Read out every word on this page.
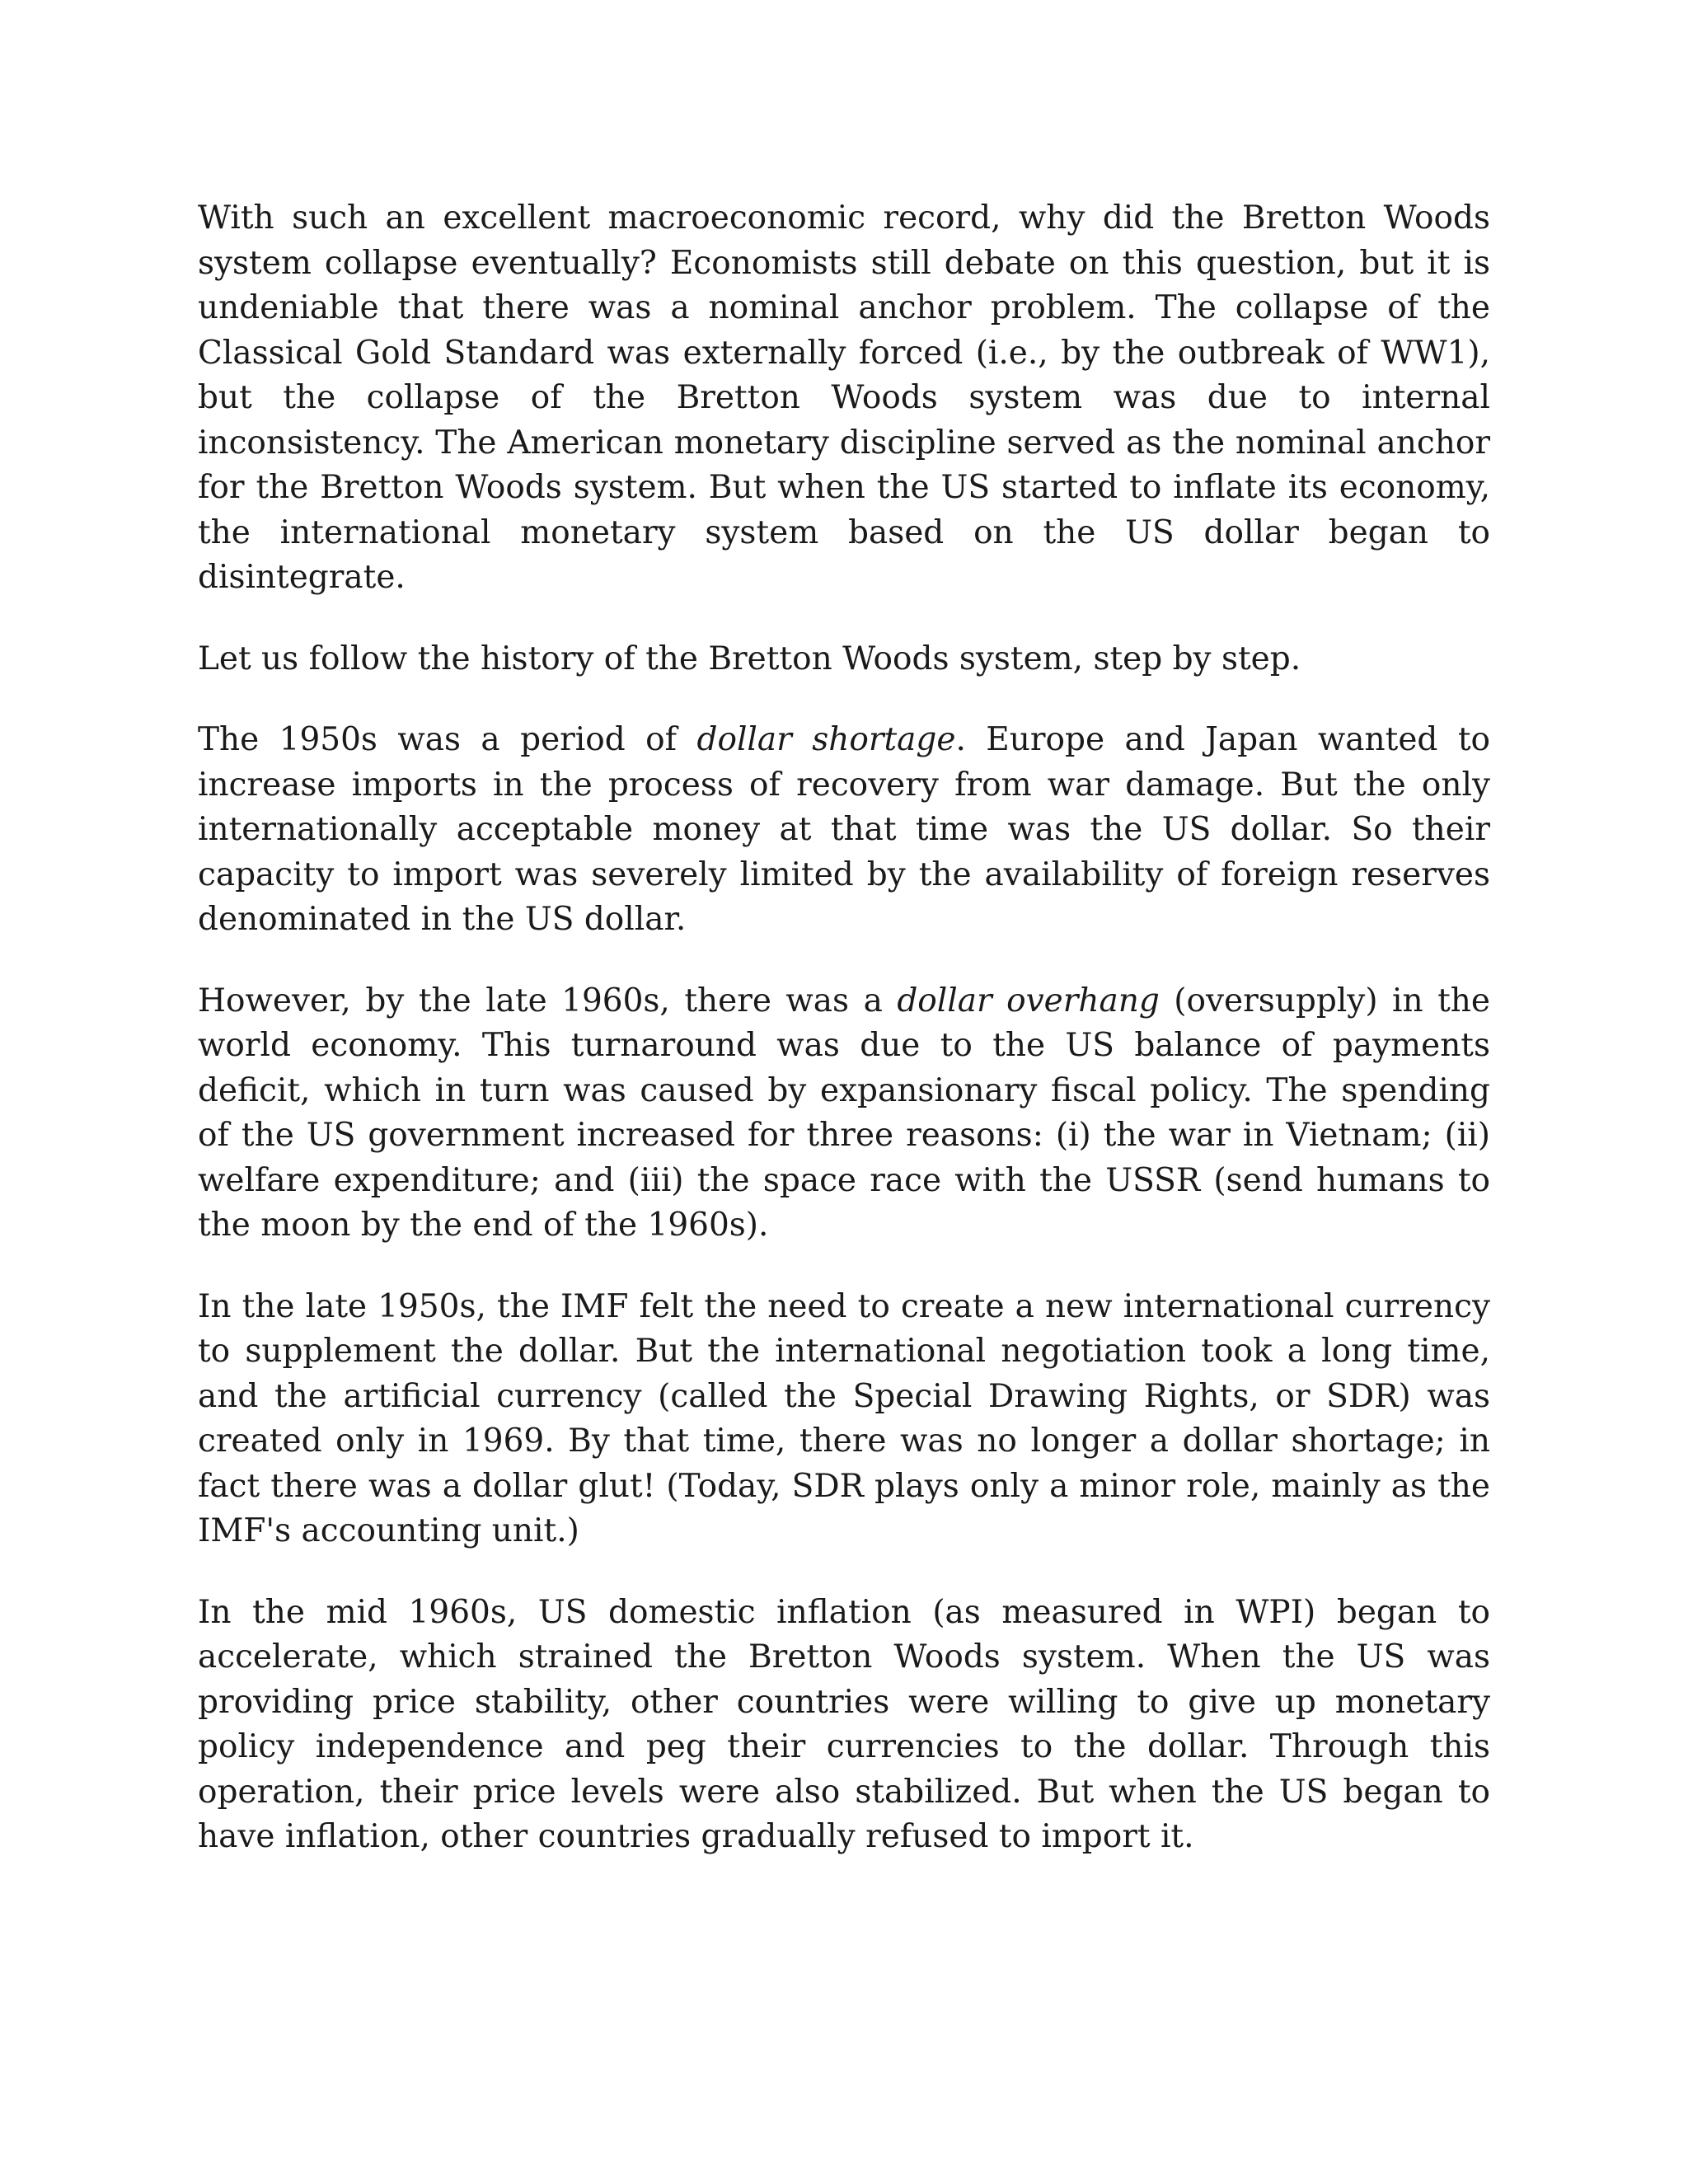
With such an excellent macroeconomic record, why did the Bretton Woods system collapse eventually? Economists still debate on this question, but it is undeniable that there was a nominal anchor problem. The collapse of the Classical Gold Standard was externally forced (i.e., by the outbreak of WW1), but the collapse of the Bretton Woods system was due to internal inconsistency. The American monetary discipline served as the nominal anchor for the Bretton Woods system. But when the US started to inflate its economy, the international monetary system based on the US dollar began to disintegrate.

Let us follow the history of the Bretton Woods system, step by step.

The 1950s was a period of dollar shortage. Europe and Japan wanted to increase imports in the process of recovery from war damage. But the only internationally acceptable money at that time was the US dollar. So their capacity to import was severely limited by the availability of foreign reserves denominated in the US dollar.

However, by the late 1960s, there was a dollar overhang (oversupply) in the world economy. This turnaround was due to the US balance of payments deficit, which in turn was caused by expansionary fiscal policy. The spending of the US government increased for three reasons: (i) the war in Vietnam; (ii) welfare expenditure; and (iii) the space race with the USSR (send humans to the moon by the end of the 1960s).

In the late 1950s, the IMF felt the need to create a new international currency to supplement the dollar. But the international negotiation took a long time, and the artificial currency (called the Special Drawing Rights, or SDR) was created only in 1969. By that time, there was no longer a dollar shortage; in fact there was a dollar glut! (Today, SDR plays only a minor role, mainly as the IMF's accounting unit.)

In the mid 1960s, US domestic inflation (as measured in WPI) began to accelerate, which strained the Bretton Woods system. When the US was providing price stability, other countries were willing to give up monetary policy independence and peg their currencies to the dollar. Through this operation, their price levels were also stabilized. But when the US began to have inflation, other countries gradually refused to import it.
